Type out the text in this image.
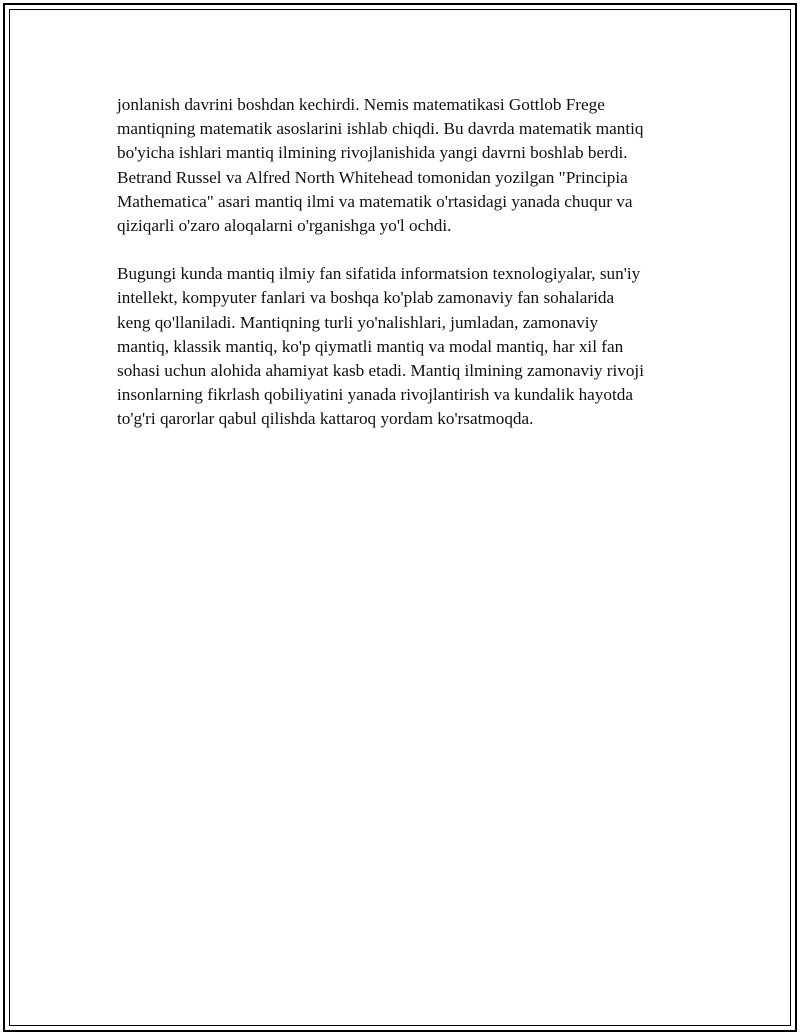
jonlanish davrini boshdan kechirdi. Nemis matematikasi Gottlob Frege
mantiqning matematik asoslarini ishlab chiqdi. Bu davrda matematik mantiq
bo'yicha ishlari mantiq ilmining rivojlanishida yangi davrni boshlab berdi.
Betrand Russel va Alfred North Whitehead tomonidan yozilgan "Principia
Mathematica" asari mantiq ilmi va matematik o'rtasidagi yanada chuqur va
qiziqarli o'zaro aloqalarni o'rganishga yo'l ochdi.

Bugungi kunda mantiq ilmiy fan sifatida informatsion texnologiyalar, sun'iy
intellekt, kompyuter fanlari va boshqa ko'plab zamonaviy fan sohalarida
keng qo'llaniladi. Mantiqning turli yo'nalishlari, jumladan, zamonaviy
mantiq, klassik mantiq, ko'p qiymatli mantiq va modal mantiq, har xil fan
sohasi uchun alohida ahamiyat kasb etadi. Mantiq ilmining zamonaviy rivoji
insonlarning fikrlash qobiliyatini yanada rivojlantirish va kundalik hayotda
to'g'ri qarorlar qabul qilishda kattaroq yordam ko'rsatmoqda.
